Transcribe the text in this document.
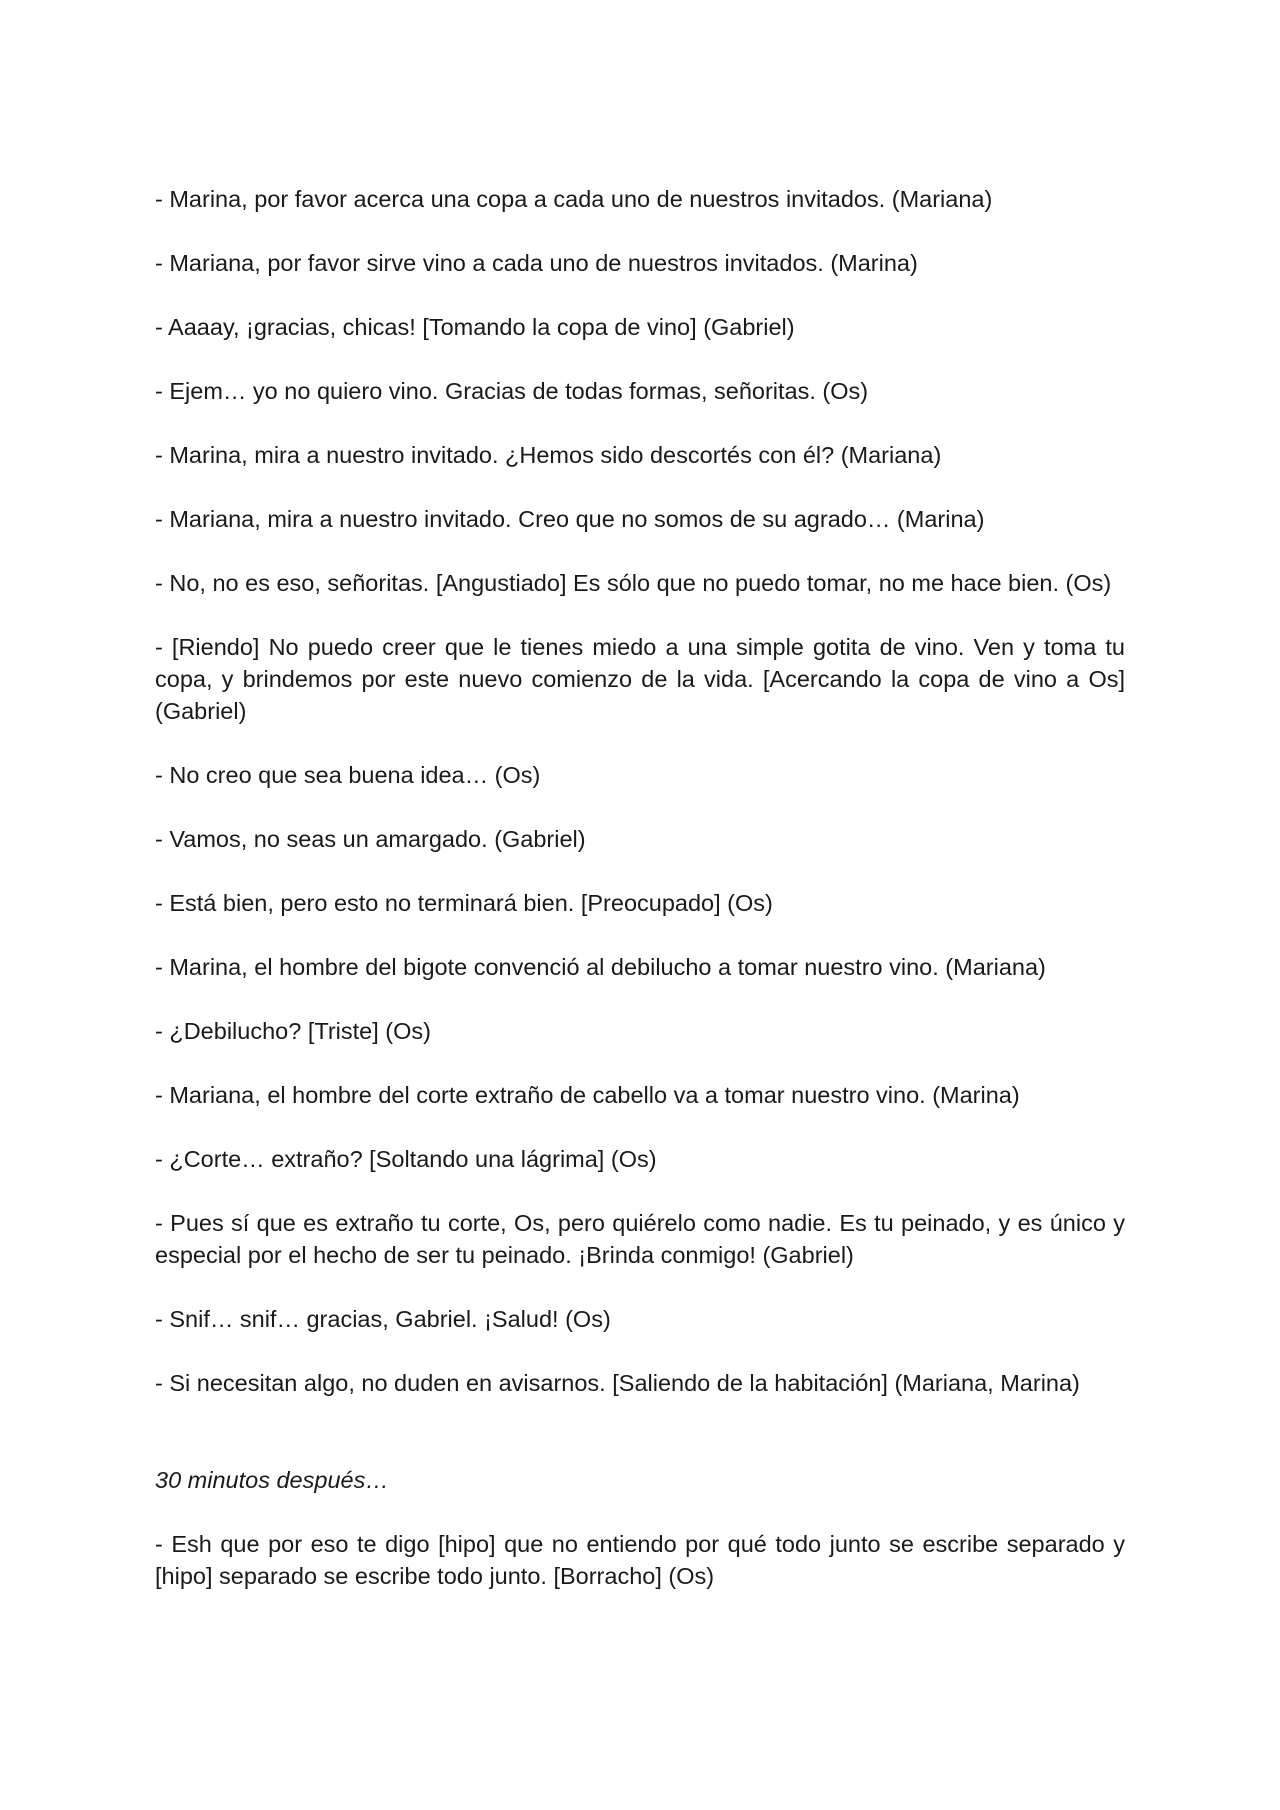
- Marina, por favor acerca una copa a cada uno de nuestros invitados. (Mariana)

- Mariana, por favor sirve vino a cada uno de nuestros invitados. (Marina)

- Aaaay, ¡gracias, chicas! [Tomando la copa de vino] (Gabriel)

- Ejem… yo no quiero vino. Gracias de todas formas, señoritas. (Os)

- Marina, mira a nuestro invitado. ¿Hemos sido descortés con él? (Mariana)

- Mariana, mira a nuestro invitado. Creo que no somos de su agrado… (Marina)

- No, no es eso, señoritas. [Angustiado] Es sólo que no puedo tomar, no me hace bien. (Os)

- [Riendo] No puedo creer que le tienes miedo a una simple gotita de vino. Ven y toma tu copa, y brindemos por este nuevo comienzo de la vida. [Acercando la copa de vino a Os] (Gabriel)

- No creo que sea buena idea… (Os)

- Vamos, no seas un amargado. (Gabriel)

- Está bien, pero esto no terminará bien. [Preocupado] (Os)

- Marina, el hombre del bigote convenció al debilucho a tomar nuestro vino. (Mariana)

- ¿Debilucho? [Triste] (Os)

- Mariana, el hombre del corte extraño de cabello va a tomar nuestro vino. (Marina)

- ¿Corte… extraño? [Soltando una lágrima] (Os)

- Pues sí que es extraño tu corte, Os, pero quiérelo como nadie. Es tu peinado, y es único y especial por el hecho de ser tu peinado. ¡Brinda conmigo! (Gabriel)

- Snif… snif… gracias, Gabriel. ¡Salud! (Os)

- Si necesitan algo, no duden en avisarnos. [Saliendo de la habitación] (Mariana, Marina)

30 minutos después…

- Esh que por eso te digo [hipo] que no entiendo por qué todo junto se escribe separado y [hipo] separado se escribe todo junto. [Borracho] (Os)
